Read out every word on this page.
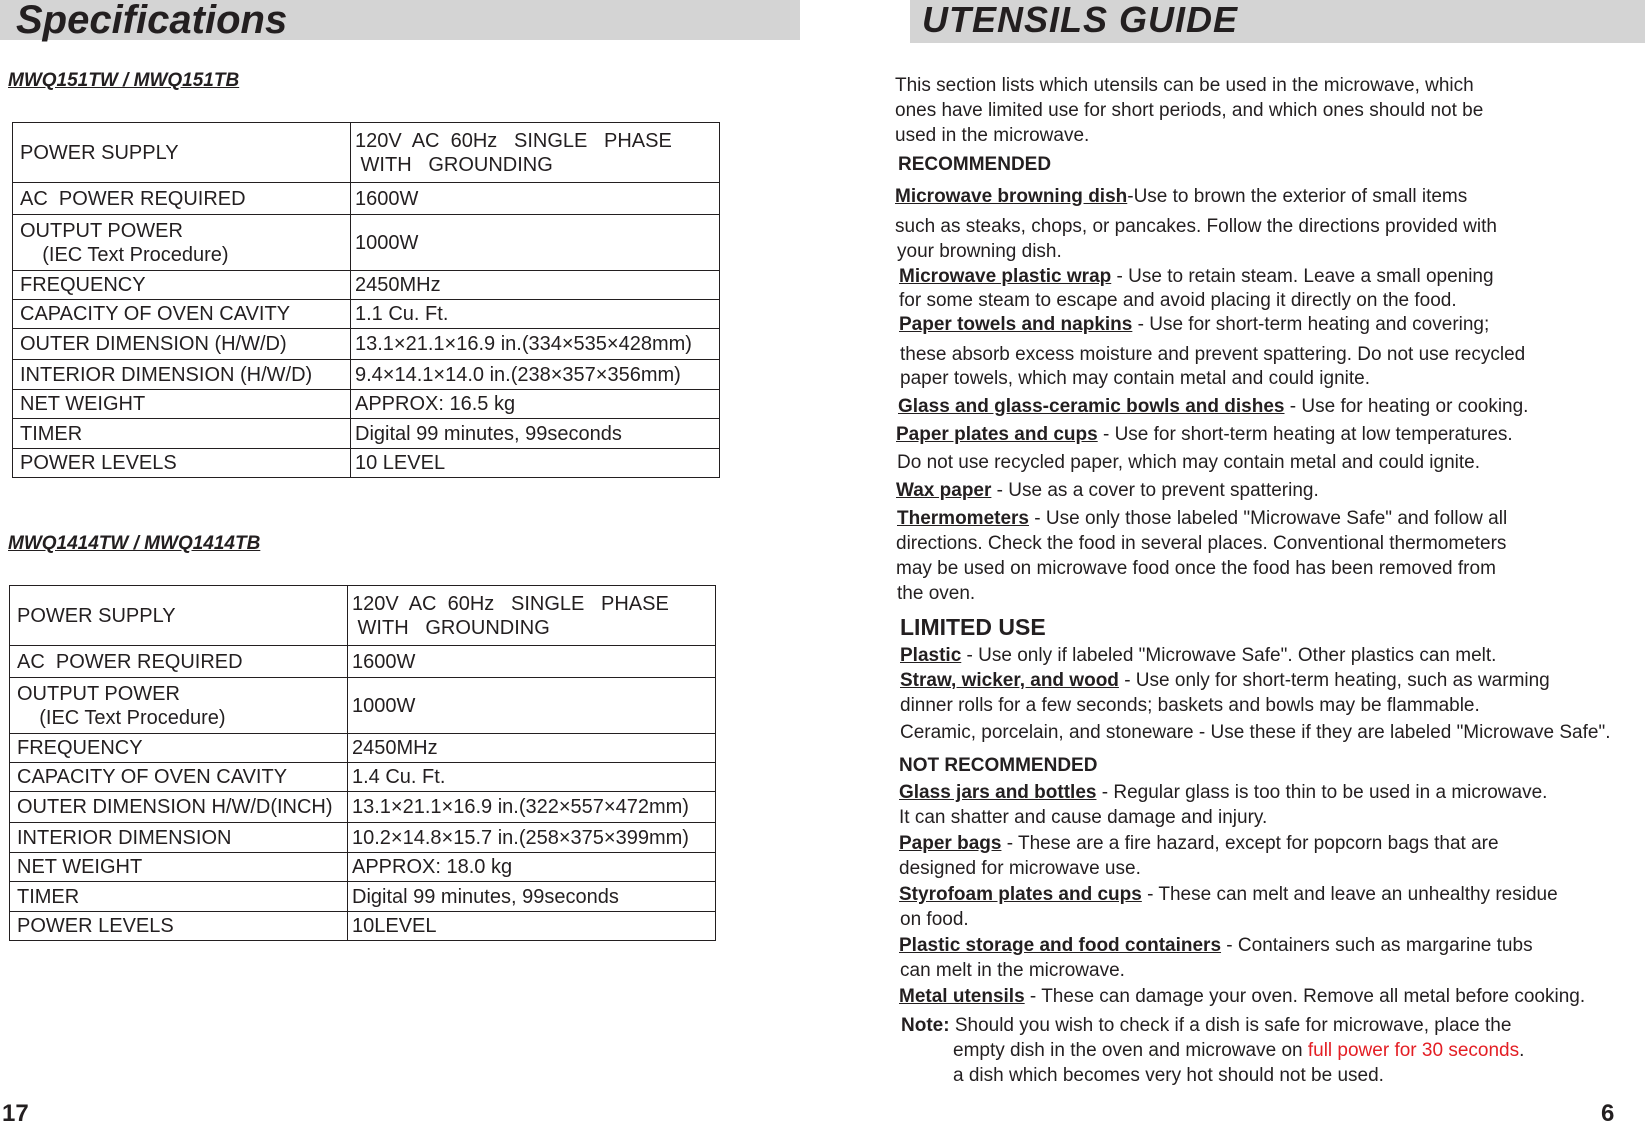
Specifications
MWQ151TW / MWQ151TB
POWER SUPPLY	120V  AC  60Hz   SINGLE   PHASE
WITH   GROUNDING
AC  POWER REQUIRED	1600W
OUTPUT POWER
(IEC Text Procedure)	1000W
FREQUENCY	2450MHz
CAPACITY OF OVEN CAVITY	1.1 Cu. Ft.
OUTER DIMENSION (H/W/D)	13.1×21.1×16.9 in.(334×535×428mm)
INTERIOR DIMENSION (H/W/D)	9.4×14.1×14.0 in.(238×357×356mm)
NET WEIGHT	APPROX: 16.5 kg
TIMER	Digital 99 minutes, 99seconds
POWER LEVELS	10 LEVEL
MWQ1414TW / MWQ1414TB
POWER SUPPLY	120V  AC  60Hz   SINGLE   PHASE
WITH   GROUNDING
AC  POWER REQUIRED	1600W
OUTPUT POWER
(IEC Text Procedure)	1000W
FREQUENCY	2450MHz
CAPACITY OF OVEN CAVITY	1.4 Cu. Ft.
OUTER DIMENSION H/W/D(INCH)	13.1×21.1×16.9 in.(322×557×472mm)
INTERIOR DIMENSION	10.2×14.8×15.7 in.(258×375×399mm)
NET WEIGHT	APPROX: 18.0 kg
TIMER	Digital 99 minutes, 99seconds
POWER LEVELS	10LEVEL
17
UTENSILS GUIDE
This section lists which utensils can be used in the microwave, which
ones have limited use for short periods, and which ones should not be
used in the microwave.
RECOMMENDED
Microwave browning dish-Use to brown the exterior of small items
such as steaks, chops, or pancakes. Follow the directions provided with
your browning dish.
Microwave plastic wrap - Use to retain steam. Leave a small opening
for some steam to escape and avoid placing it directly on the food.
Paper towels and napkins - Use for short-term heating and covering;
these absorb excess moisture and prevent spattering. Do not use recycled
paper towels, which may contain metal and could ignite.
Glass and glass-ceramic bowls and dishes - Use for heating or cooking.
Paper plates and cups - Use for short-term heating at low temperatures.
Do not use recycled paper, which may contain metal and could ignite.
Wax paper - Use as a cover to prevent spattering.
Thermometers - Use only those labeled "Microwave Safe" and follow all
directions. Check the food in several places. Conventional thermometers
may be used on microwave food once the food has been removed from
the oven.
LIMITED USE
Plastic - Use only if labeled "Microwave Safe". Other plastics can melt.
Straw, wicker, and wood - Use only for short-term heating, such as warming
dinner rolls for a few seconds; baskets and bowls may be flammable.
Ceramic, porcelain, and stoneware - Use these if they are labeled "Microwave Safe".
NOT RECOMMENDED
Glass jars and bottles - Regular glass is too thin to be used in a microwave.
It can shatter and cause damage and injury.
Paper bags - These are a fire hazard, except for popcorn bags that are
designed for microwave use.
Styrofoam plates and cups - These can melt and leave an unhealthy residue
on food.
Plastic storage and food containers - Containers such as margarine tubs
can melt in the microwave.
Metal utensils - These can damage your oven. Remove all metal before cooking.
Note: Should you wish to check if a dish is safe for microwave, place the
empty dish in the oven and microwave on full power for 30 seconds.
a dish which becomes very hot should not be used.
6
